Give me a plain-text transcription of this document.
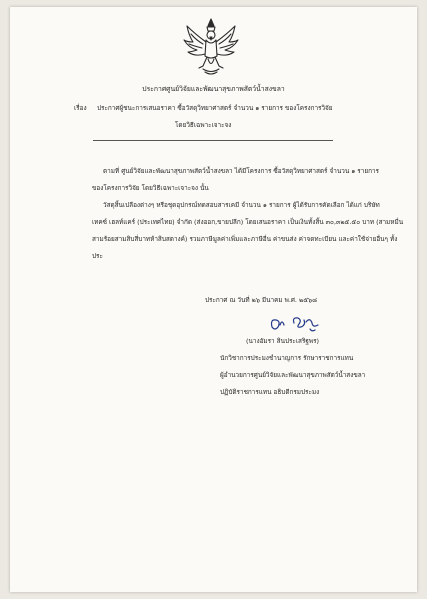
ประกาศศูนย์วิจัยและพัฒนาสุขภาพสัตว์น้ำสงขลา
เรื่อง ประกาศผู้ชนะการเสนอราคา ซื้อวัสดุวิทยาศาสตร์ จำนวน ๑ รายการ ของโครงการวิจัย
โดยวิธีเฉพาะเจาะจง
ตามที่ ศูนย์วิจัยและพัฒนาสุขภาพสัตว์น้ำสงขลา ได้มีโครงการ ซื้อวัสดุวิทยาศาสตร์ จำนวน ๑ รายการ
ของโครงการวิจัย โดยวิธีเฉพาะเจาะจง นั้น
วัสดุสิ้นเปลืองต่างๆ หรือชุดอุปกรณ์ทดสอบสารเคมี จำนวน ๑ รายการ ผู้ได้รับการคัดเลือก ได้แก่ บริษัท
เทคซ์ เฮลท์แคร์ (ประเทศไทย) จำกัด (ส่งออก,ขายปลีก) โดยเสนอราคา เป็นเงินทั้งสิ้น ๓๐,๓๒๕.๕๐ บาท (สามหมื่น
สามร้อยสามสิบสี่บาทห้าสิบสตางค์) รวมภาษีมูลค่าเพิ่มและภาษีอื่น ค่าขนส่ง ค่าจดทะเบียน และค่าใช้จ่ายอื่นๆ ทั้ง
ประ
ประกาศ ณ วันที่ ๒๖ มีนาคม พ.ศ. ๒๕๖๘
(นางอัมรา สินประเสริฐพร)
นักวิชาการประมงชำนาญการ รักษาราชการแทน
ผู้อำนวยการศูนย์วิจัยและพัฒนาสุขภาพสัตว์น้ำสงขลา
ปฏิบัติราชการแทน อธิบดีกรมประมง
